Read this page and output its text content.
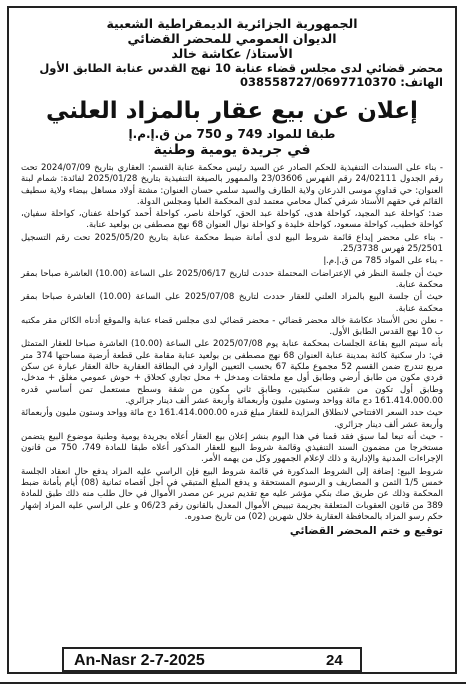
الجمهورية الجزائرية الديمقراطية الشعبية
الديوان العمومي للمحضر القضائي
الأستاذ/ عكاشة خالد
محضر قضائي لدى مجلس قضاء عنابة 10 نهج القدس عنابة الطابق الأول
الهاتف: 038558727/0697710370
إعلان عن بيع عقار بالمزاد العلني
طبقا للمواد 749 و 750 من ق.إ.م.إ
في جريدة يومية وطنية
- بناء على السندات التنفيذية للحكم الصادر عن السيد رئيس محكمة عنابة القسم: العقاري بتاريخ 2024/07/09 تحت رقم الجدول 24/02111 رقم الفهرس 23/03606 والممهور بالصيغة التنفيذية بتاريخ 2025/01/28 لفائدة: شمام لبنة العنوان: حي قداوي موسى الذرعان ولاية الطارف والسيد سلمي حسان العنوان: مشتة أولاد مساهل بيضاء ولاية سطيف القائم في حقهم الأستاذ شرفي كمال محامي معتمد لدى المحكمة العليا ومجلس الدولة.
ضد: كواحلة عبد المجيد، كواحلة هدى، كواحلة عبد الحق، كواحلة ناصر، كواحلة أحمد كواحلة عفنان، كواحلة سفيان، كواحلة خطيب، كواحلة مسعود، كواحلة خليدة و كواحلة نوال العنوان 68 نهج مصطفى بن بولعيد عنابة.
- بناء على محضر إيداع قائمة شروط البيع لدى أمانة ضبط محكمة عنابة بتاريخ 2025/05/20 تحت رقم التسجيل 25/2501 فهرس 25/3738.
- بناء على المواد 785 من ق.إ.م.إ
حيث أن جلسة النظر في الإعتراضات المحتملة حددت لتاريخ 2025/06/17 على الساعة (10.00) العاشرة صباحا بمقر محكمة عنابة.
حيث أن جلسة البيع بالمزاد العلني للعقار حددت لتاريخ 2025/07/08 على الساعة (10.00) العاشرة صباحا بمقر محكمة عنابة.
- نعلن نحن الأستاذ عكاشة خالد محضر قضائي - محضر قضائي لدى مجلس قضاء عنابة والموقع أدناه الكائن مقر مكتبه ب 10 نهج القدس الطابق الأول.
بأنه سيتم البيع بقاعة الجلسات بمحكمة عنابة يوم 2025/07/08 على الساعة (10.00) العاشرة صباحا للعقار المتمثل في: دار سكنية كائنة بمدينة عنابة العنوان 68 نهج مصطفى بن بولعيد عنابة مقامة على قطعة أرضية مساحتها 374 متر مربع تندرج ضمن القسم 52 مجموع ملكية 67 بحسب التعيين الوارد في البطاقة العقارية حالة العقار عبارة عن سكن فردي مكون من طابق أرضي وطابق أول مع ملحقات ومدخل + محل تجاري كحلاق + حوش عمومي مغلق + مدخل، وطابق أول تكون من شقتين سكنيتين، وطابق ثاني مكون من شقة وسطح مستعمل تمن أساسي قدره 161.414.000.00 دج مائة وواحد وستون مليون وأربعمائة وأربعة عشر ألف دينار جزائري.
حيث حدد السعر الافتتاحي لانطلاق المزايدة للعقار مبلغ قدره 161.414.000.00 دج مائة وواحد وستون مليون وأربعمائة وأربعة عشر ألف دينار جزائري.
- حيث أنه تبعا لما سبق فقد قمنا في هذا اليوم بنشر إعلان بيع العقار أعلاه بجريدة يومية وطنية موضوع البيع يتضمن مستخرجا من مضمون السند التنفيذي وقائمة شروط البيع للعقار المذكور أعلاه طبقا للمادة 749، 750 من قانون الإجراءات المدنية والإدارية و ذلك لإعلام الجمهور وكل من يهمه الأمر.
شروط البيع: إضافة إلى الشروط المذكورة في قائمة شروط البيع فإن الراسي عليه المزاد يدفع حال انعقاد الجلسة خمس 1/5 الثمن و المصاريف و الرسوم المستحقة و يدفع المبلغ المتبقي في أجل أقصاه ثمانية (08) أيام بأمانة ضبط المحكمة وذلك عن طريق صك بنكي مؤشر عليه مع تقديم تبرير عن مصدر الأموال في حال طلب منه ذلك طبق للمادة 389 من قانون العقوبات المتعلقة بجريمة تبييض الأموال المعدل بالقانون رقم 06/23 و على الراسي عليه المزاد إشهار حكم رسو المزاد بالمحافظة العقارية خلال شهرين (02) من تاريخ صدوره.
توقيع و ختم المحضر القضائي
An-Nasr 2-7-2025	24
